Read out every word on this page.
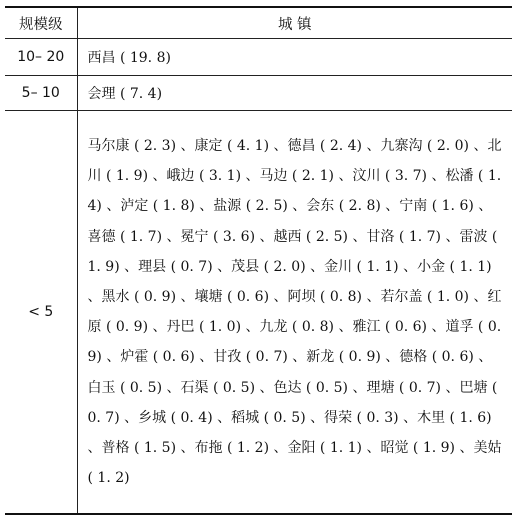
规模级	城 镇
10– 20	西昌 ( 19. 8)
5– 10	会理 ( 7. 4)
< 5	马尔康 ( 2. 3) 、康定 ( 4. 1) 、德昌 ( 2. 4) 、九寨沟 ( 2. 0) 、北川 ( 1. 9) 、峨边 ( 3. 1) 、马边 ( 2. 1) 、汶川 ( 3. 7) 、松潘 ( 1. 4) 、泸定 ( 1. 8) 、盐源 ( 2. 5) 、会东 ( 2. 8) 、宁南 ( 1. 6) 、喜德 ( 1. 7) 、冕宁 ( 3. 6) 、越西 ( 2. 5) 、甘洛 ( 1. 7) 、雷波 ( 1. 9) 、理县 ( 0. 7) 、茂县 ( 2. 0) 、金川 ( 1. 1) 、小金 ( 1. 1) 、黑水 ( 0. 9) 、壤塘 ( 0. 6) 、阿坝 ( 0. 8) 、若尔盖 ( 1. 0) 、红原 ( 0. 9) 、丹巴 ( 1. 0) 、九龙 ( 0. 8) 、雅江 ( 0. 6) 、道孚 ( 0. 9) 、炉霍 ( 0. 6) 、甘孜 ( 0. 7) 、新龙 ( 0. 9) 、德格 ( 0. 6) 、白玉 ( 0. 5) 、石渠 ( 0. 5) 、色达 ( 0. 5) 、理塘 ( 0. 7) 、巴塘 ( 0. 7) 、乡城 ( 0. 4) 、稻城 ( 0. 5) 、得荣 ( 0. 3) 、木里 ( 1. 6) 、普格 ( 1. 5) 、布拖 ( 1. 2) 、金阳 ( 1. 1) 、昭觉 ( 1. 9) 、美姑 ( 1. 2)
